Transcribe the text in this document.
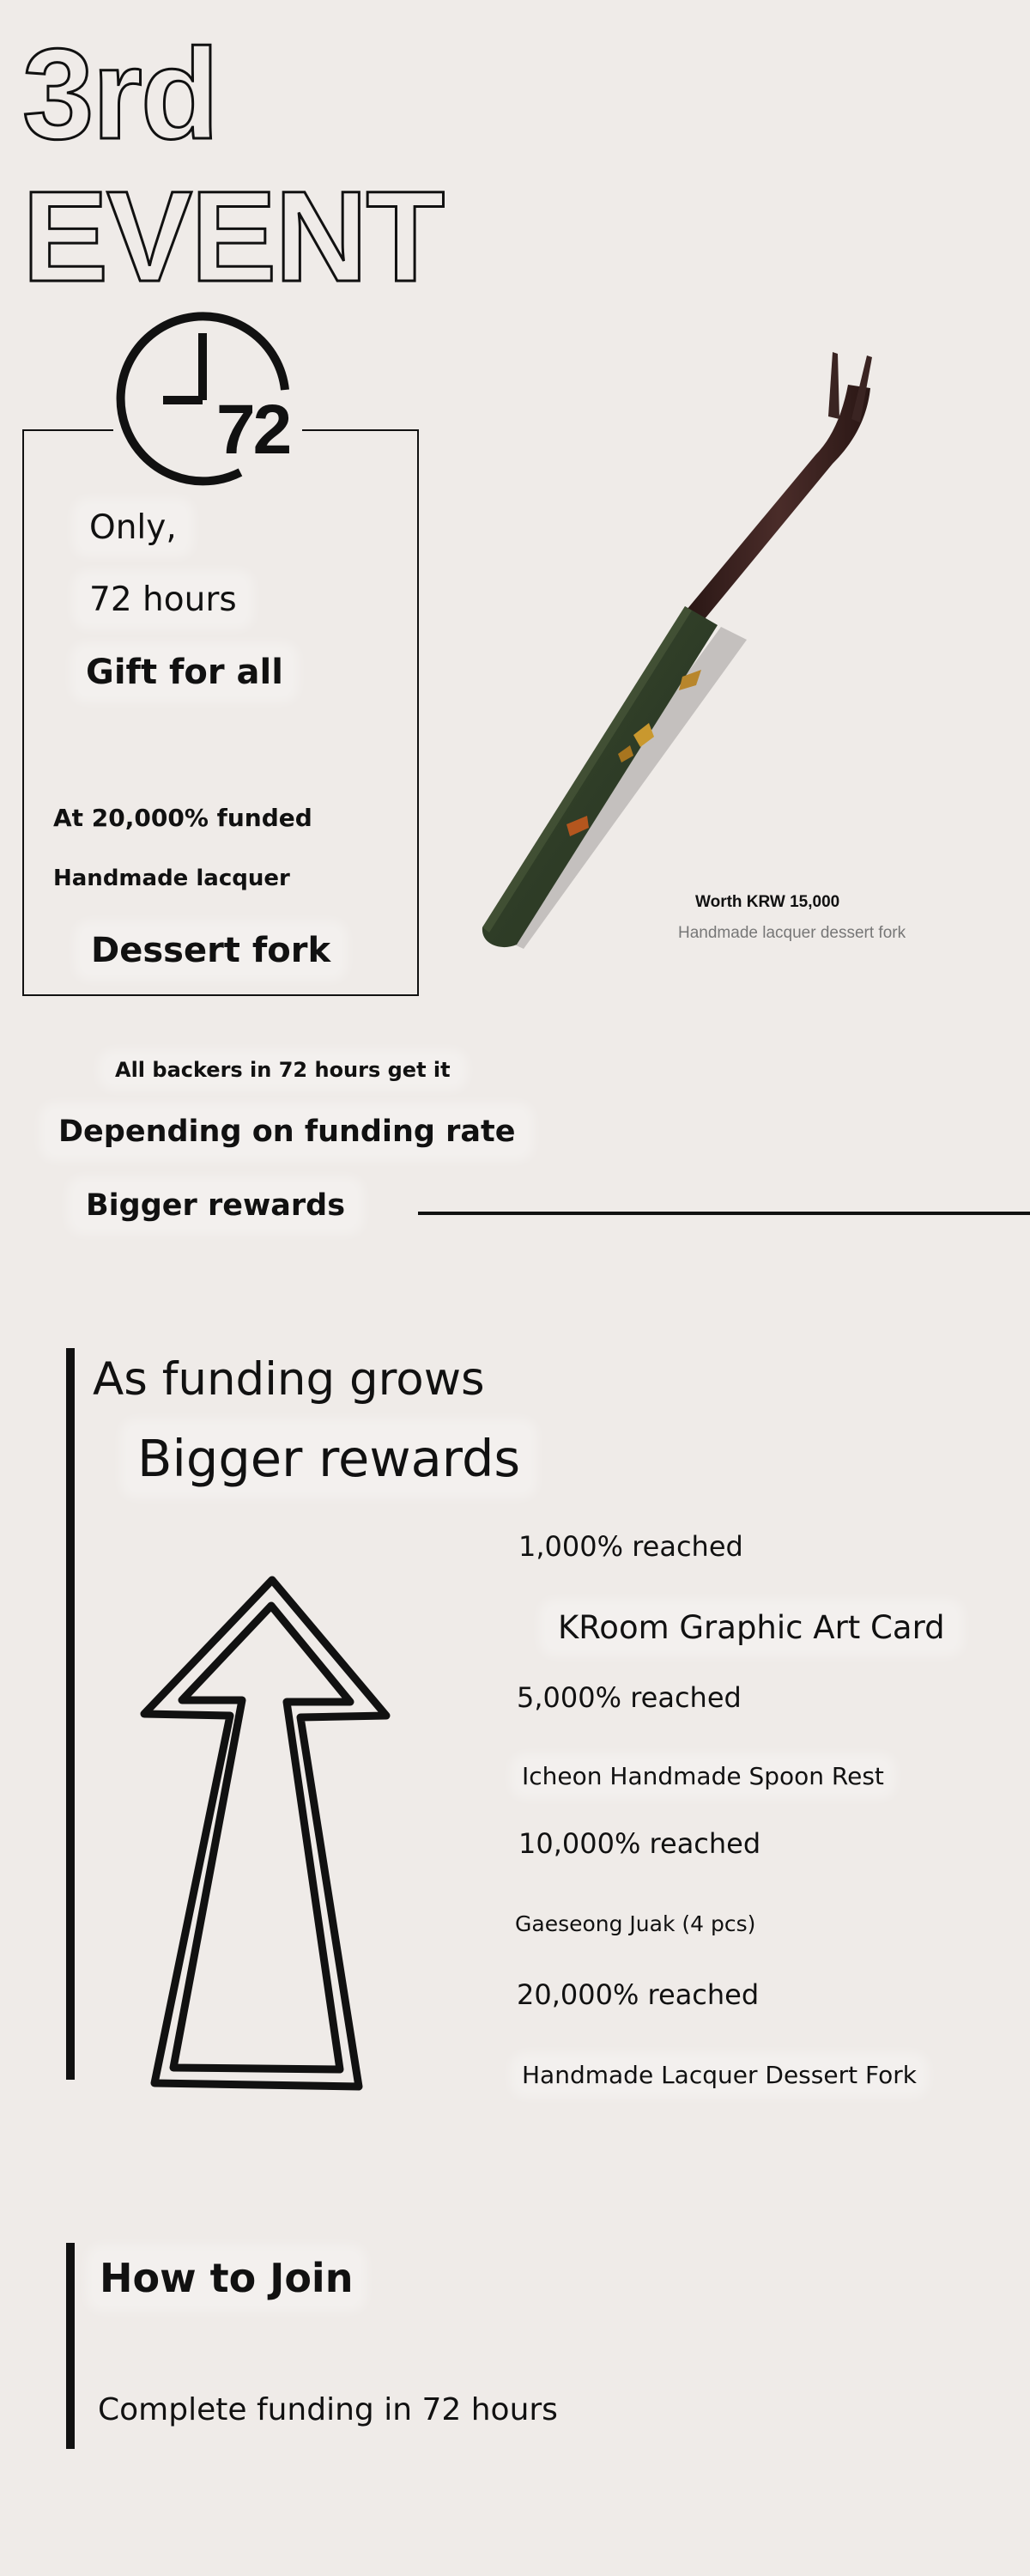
3rd
EVENT
72
Only,
72 hours
Gift for all
At 20,000% funded
Handmade lacquer
Dessert fork
Worth KRW 15,000
Handmade lacquer dessert fork
All backers in 72 hours get it
Depending on funding rate
Bigger rewards
As funding grows
Bigger rewards
1,000% reached
KRoom Graphic Art Card
5,000% reached
Icheon Handmade Spoon Rest
10,000% reached
Gaeseong Juak (4 pcs)
20,000% reached
Handmade Lacquer Dessert Fork
How to Join
Complete funding in 72 hours
